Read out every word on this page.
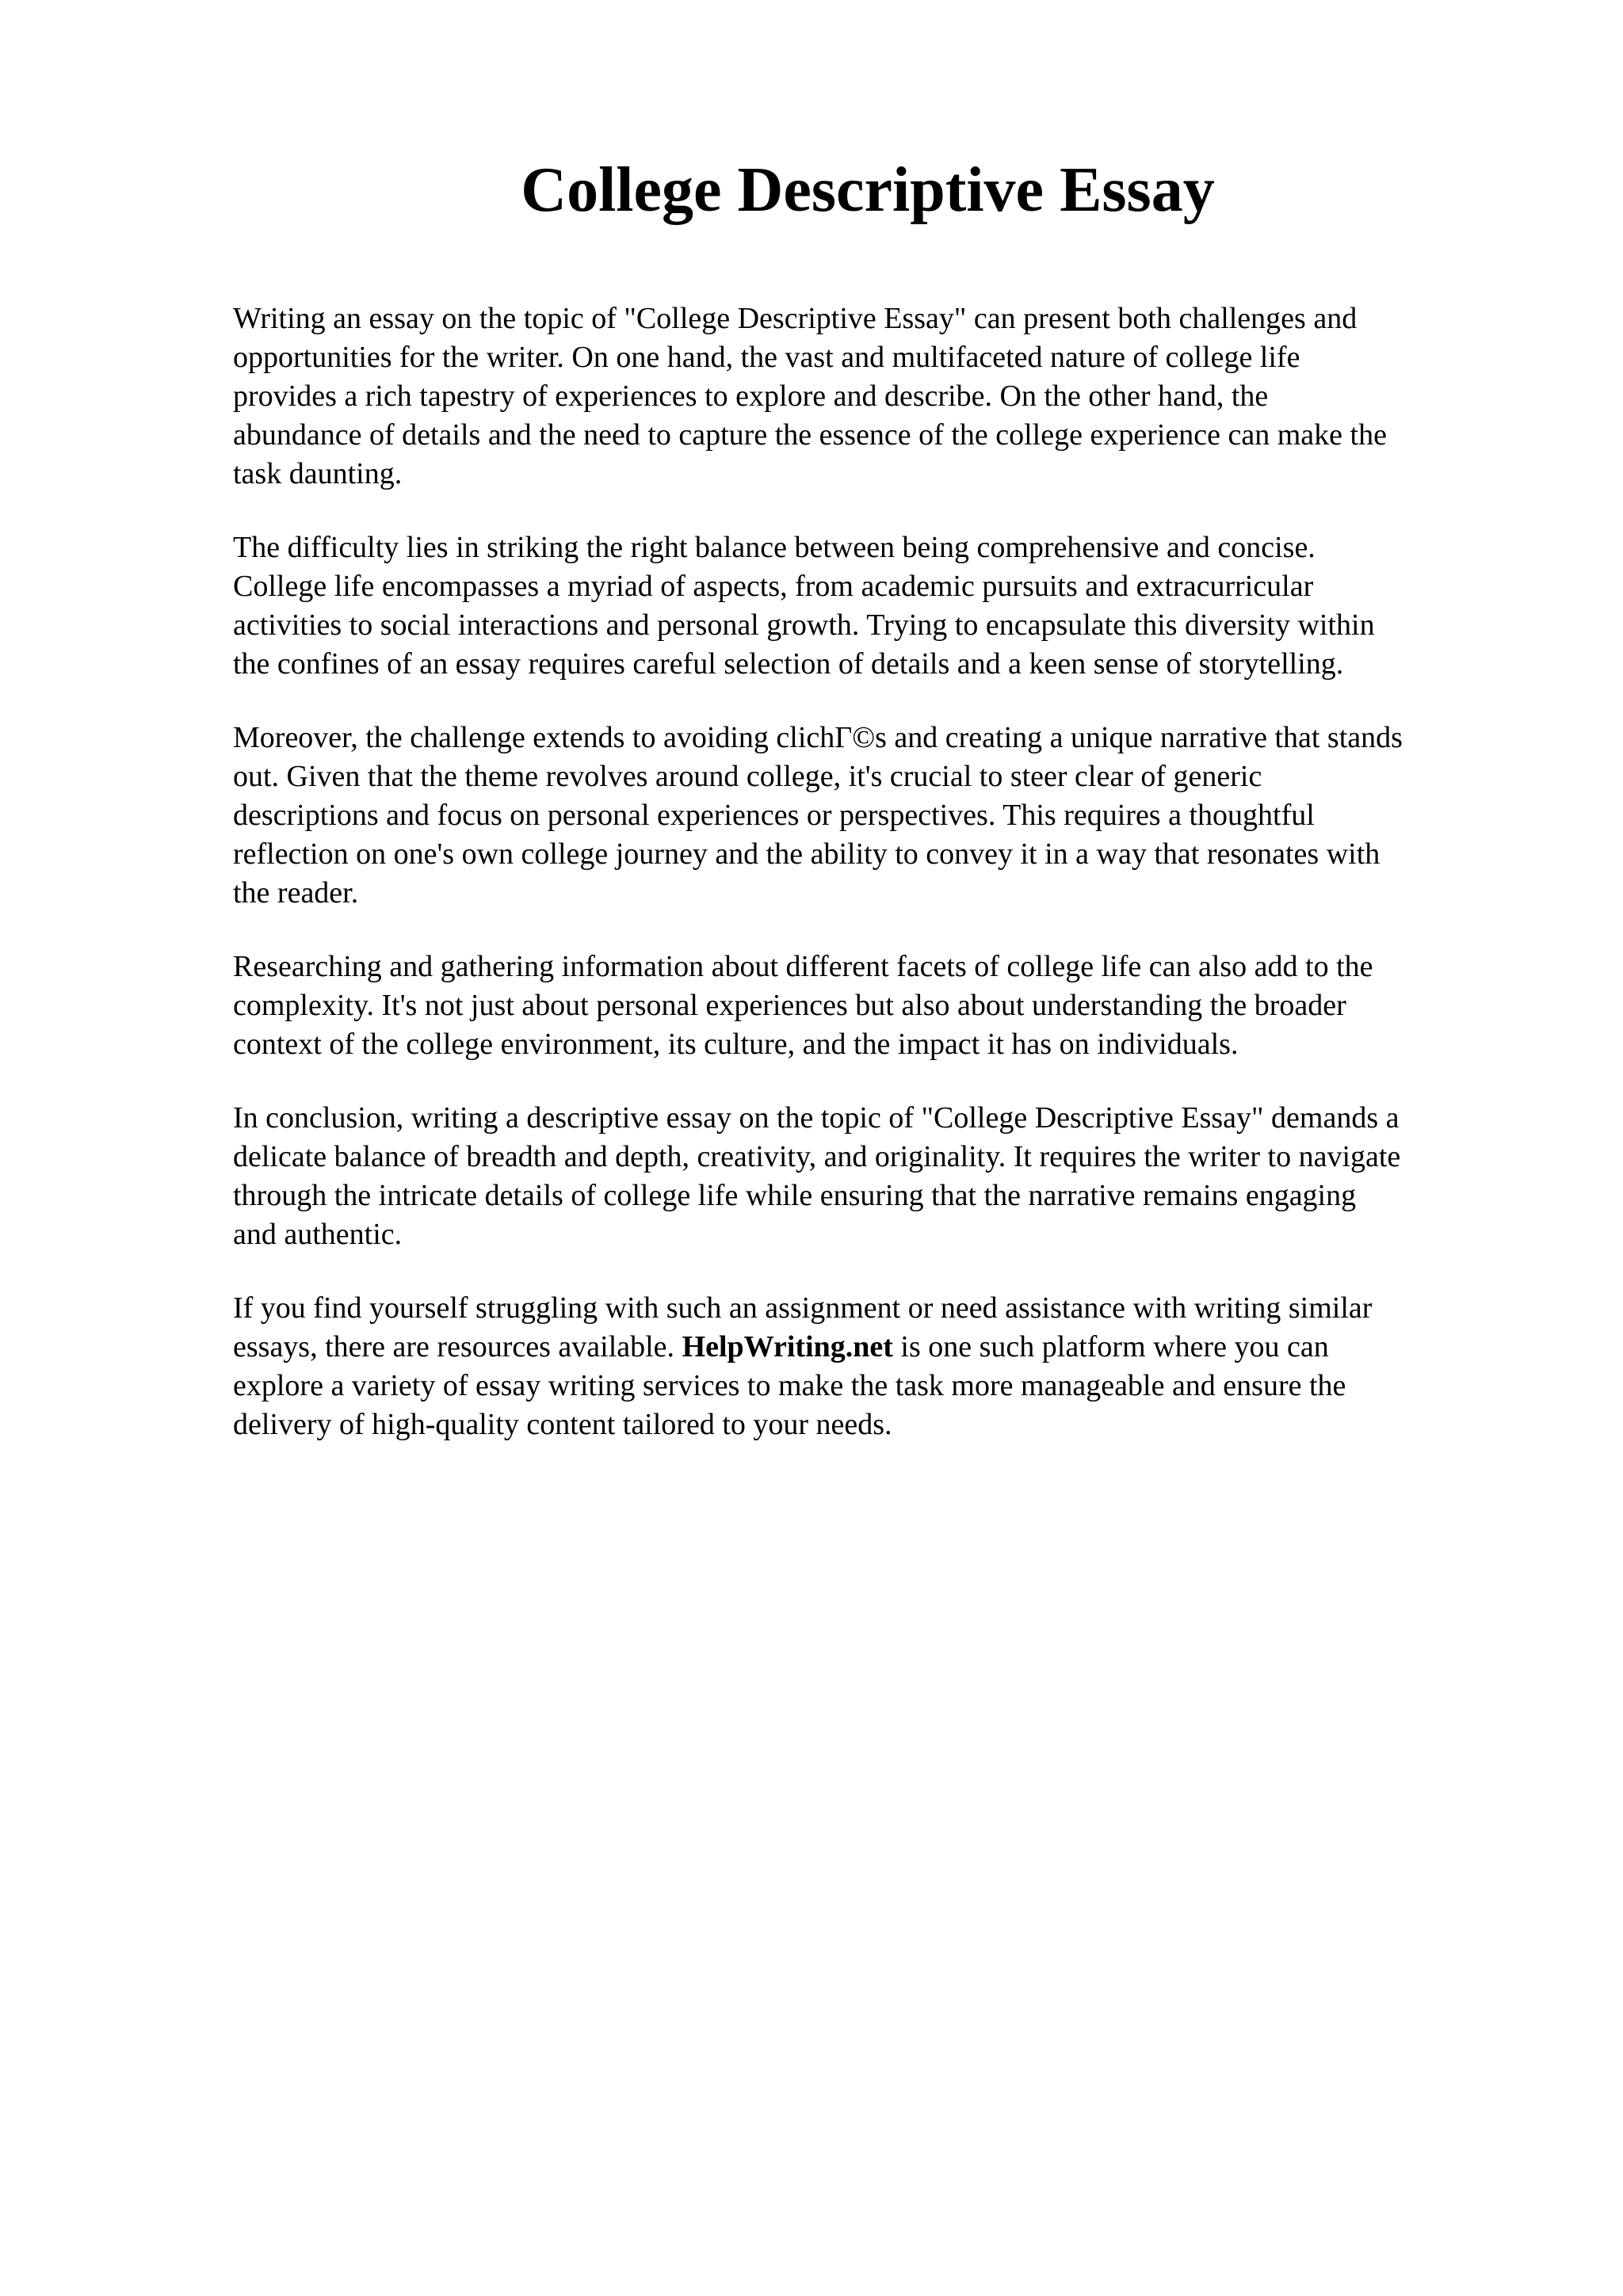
College Descriptive Essay

Writing an essay on the topic of "College Descriptive Essay" can present both challenges and
opportunities for the writer. On one hand, the vast and multifaceted nature of college life
provides a rich tapestry of experiences to explore and describe. On the other hand, the
abundance of details and the need to capture the essence of the college experience can make the
task daunting.

The difficulty lies in striking the right balance between being comprehensive and concise.
College life encompasses a myriad of aspects, from academic pursuits and extracurricular
activities to social interactions and personal growth. Trying to encapsulate this diversity within
the confines of an essay requires careful selection of details and a keen sense of storytelling.

Moreover, the challenge extends to avoiding clichΓ©s and creating a unique narrative that stands
out. Given that the theme revolves around college, it's crucial to steer clear of generic
descriptions and focus on personal experiences or perspectives. This requires a thoughtful
reflection on one's own college journey and the ability to convey it in a way that resonates with
the reader.

Researching and gathering information about different facets of college life can also add to the
complexity. It's not just about personal experiences but also about understanding the broader
context of the college environment, its culture, and the impact it has on individuals.

In conclusion, writing a descriptive essay on the topic of "College Descriptive Essay" demands a
delicate balance of breadth and depth, creativity, and originality. It requires the writer to navigate
through the intricate details of college life while ensuring that the narrative remains engaging
and authentic.

If you find yourself struggling with such an assignment or need assistance with writing similar
essays, there are resources available. HelpWriting.net is one such platform where you can
explore a variety of essay writing services to make the task more manageable and ensure the
delivery of high-quality content tailored to your needs.
